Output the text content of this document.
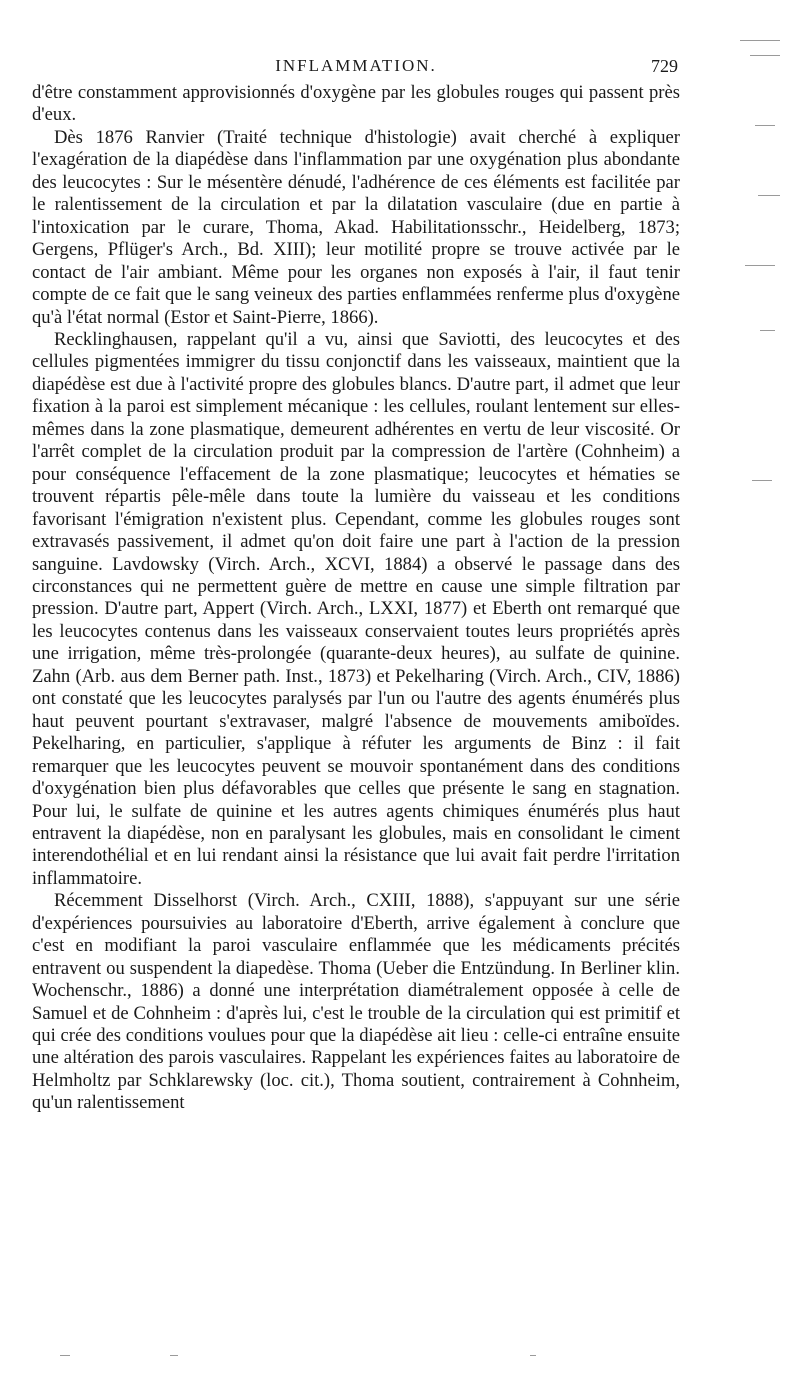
INFLAMMATION.	729

d'être constamment approvisionnés d'oxygène par les globules rouges qui passent près d'eux.

Dès 1876 Ranvier (Traité technique d'histologie) avait cherché à expliquer l'exagération de la diapédèse dans l'inflammation par une oxygénation plus abondante des leucocytes : Sur le mésentère dénudé, l'adhérence de ces éléments est facilitée par le ralentissement de la circulation et par la dilatation vasculaire (due en partie à l'intoxication par le curare, Thoma, Akad. Habilitationsschr., Heidelberg, 1873; Gergens, Pflüger's Arch., Bd. XIII); leur motilité propre se trouve activée par le contact de l'air ambiant. Même pour les organes non exposés à l'air, il faut tenir compte de ce fait que le sang veineux des parties enflammées renferme plus d'oxygène qu'à l'état normal (Estor et Saint-Pierre, 1866).

Recklinghausen, rappelant qu'il a vu, ainsi que Saviotti, des leucocytes et des cellules pigmentées immigrer du tissu conjonctif dans les vaisseaux, maintient que la diapédèse est due à l'activité propre des globules blancs. D'autre part, il admet que leur fixation à la paroi est simplement mécanique : les cellules, roulant lentement sur elles-mêmes dans la zone plasmatique, demeurent adhérentes en vertu de leur viscosité. Or l'arrêt complet de la circulation produit par la compression de l'artère (Cohnheim) a pour conséquence l'effacement de la zone plasmatique; leucocytes et hématies se trouvent répartis pêle-mêle dans toute la lumière du vaisseau et les conditions favorisant l'émigration n'existent plus. Cependant, comme les globules rouges sont extravasés passivement, il admet qu'on doit faire une part à l'action de la pression sanguine. Lavdowsky (Virch. Arch., XCVI, 1884) a observé le passage dans des circonstances qui ne permettent guère de mettre en cause une simple filtration par pression. D'autre part, Appert (Virch. Arch., LXXI, 1877) et Eberth ont remarqué que les leucocytes contenus dans les vaisseaux conservaient toutes leurs propriétés après une irrigation, même très-prolongée (quarante-deux heures), au sulfate de quinine. Zahn (Arb. aus dem Berner path. Inst., 1873) et Pekelharing (Virch. Arch., CIV, 1886) ont constaté que les leucocytes paralysés par l'un ou l'autre des agents énumérés plus haut peuvent pourtant s'extravaser, malgré l'absence de mouvements amiboïdes. Pekelharing, en particulier, s'applique à réfuter les arguments de Binz : il fait remarquer que les leucocytes peuvent se mouvoir spontanément dans des conditions d'oxygénation bien plus défavorables que celles que présente le sang en stagnation. Pour lui, le sulfate de quinine et les autres agents chimiques énumérés plus haut entravent la diapédèse, non en paralysant les globules, mais en consolidant le ciment interendothélial et en lui rendant ainsi la résistance que lui avait fait perdre l'irritation inflammatoire.

Récemment Disselhorst (Virch. Arch., CXIII, 1888), s'appuyant sur une série d'expériences poursuivies au laboratoire d'Eberth, arrive également à conclure que c'est en modifiant la paroi vasculaire enflammée que les médicaments précités entravent ou suspendent la diapedèse. Thoma (Ueber die Entzündung. In Berliner klin. Wochenschr., 1886) a donné une interprétation diamétralement opposée à celle de Samuel et de Cohnheim : d'après lui, c'est le trouble de la circulation qui est primitif et qui crée des conditions voulues pour que la diapédèse ait lieu : celle-ci entraîne ensuite une altération des parois vasculaires. Rappelant les expériences faites au laboratoire de Helmholtz par Schklarewsky (loc. cit.), Thoma soutient, contrairement à Cohnheim, qu'un ralentissement
